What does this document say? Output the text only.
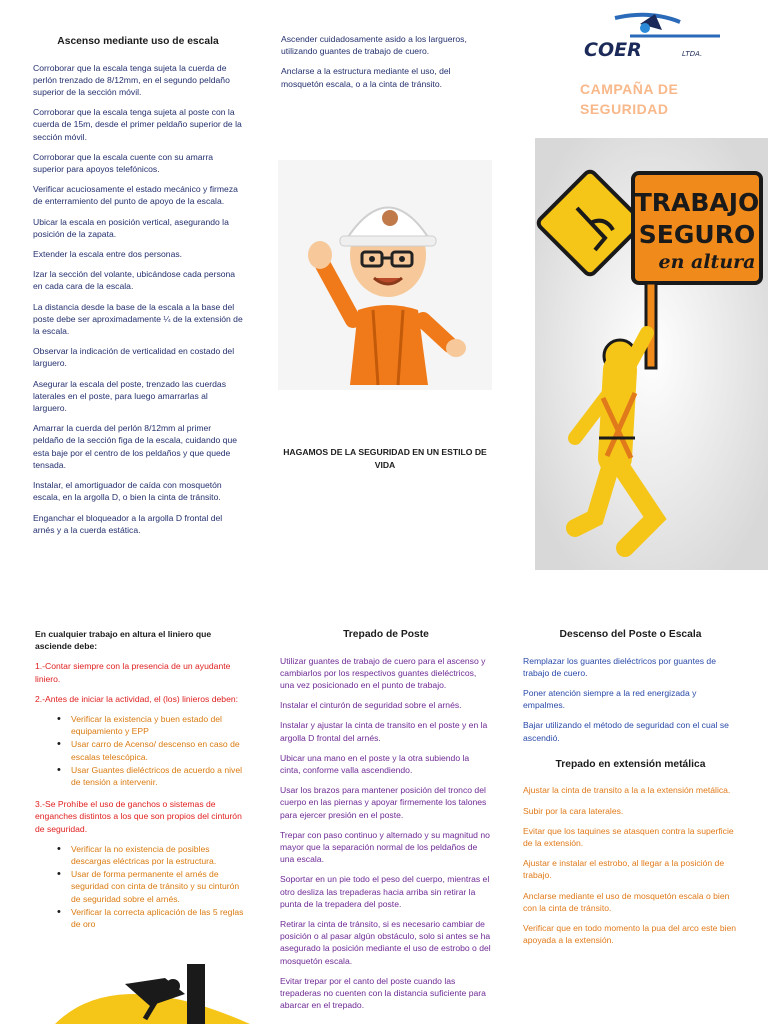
Ascenso mediante uso de escala

Corroborar que la escala tenga sujeta la cuerda de perlón trenzado de 8/12mm, en el segundo peldaño superior de la sección móvil.

Corroborar que la escala tenga sujeta al poste con la cuerda de 15m, desde el primer peldaño superior de la sección móvil.

Corroborar que la escala cuente con su amarra superior para apoyos telefónicos.

Verificar acuciosamente el estado mecánico y firmeza de enterramiento del punto de apoyo de la escala.

Ubicar la escala en posición vertical, asegurando la posición de la zapata.

Extender la escala entre dos personas.

Izar la sección del volante, ubicándose cada persona en cada cara de la escala.

La distancia desde la base de la escala a la base del poste debe ser aproximadamente ¼ de la extensión de la escala.

Observar la indicación de verticalidad en costado del larguero.

Asegurar la escala del poste, trenzado las cuerdas laterales en el poste, para luego amarrarlas al larguero.

Amarrar la cuerda del perlón 8/12mm al primer peldaño de la sección figa de la escala, cuidando que esta baje por el centro de los peldaños y que quede tensada.

Instalar, el amortiguador de caída con mosquetón escala, en la argolla D, o bien la cinta de tránsito.

Enganchar el bloqueador a la argolla D frontal del arnés y a la cuerda estática.

Ascender cuidadosamente asido a los largueros, utilizando guantes de trabajo de cuero.

Anclarse a la estructura mediante el uso, del mosquetón escala, o a la cinta de tránsito.

HAGAMOS DE LA SEGURIDAD EN UN ESTILO DE VIDA
COER	LTDA.
CAMPAÑA DE SEGURIDAD
TRABAJO
SEGURO
en altura

En cualquier trabajo en altura el liniero que asciende debe:

1.-Contar siempre con la presencia de un ayudante liniero.

2.-Antes de iniciar la actividad, el (los) linieros deben:

• Verificar la existencia y buen estado del equipamiento y EPP
• Usar carro de Acenso/ descenso en caso de escalas telescópica.
• Usar Guantes dieléctricos de acuerdo a nivel de tensión a intervenir.

3.-Se Prohíbe el uso de ganchos o sistemas de enganches distintos a los que son propios del cinturón de seguridad.

• Verificar la no existencia de posibles descargas eléctricas por la estructura.
• Usar de forma permanente el arnés de seguridad con cinta de tránsito y su cinturón de seguridad sobre el arnés.
• Verificar la correcta aplicación de las 5 reglas de oro
Trepado de Poste

Utilizar guantes de trabajo de cuero para el ascenso y cambiarlos por los respectivos guantes dieléctricos, una vez posicionado en el punto de trabajo.

Instalar el cinturón de seguridad sobre el arnés.

Instalar y ajustar la cinta de transito en el poste y en la argolla D frontal del arnés.

Ubicar una mano en el poste y la otra subiendo la cinta, conforme valla ascendiendo.

Usar los brazos para mantener posición del tronco del cuerpo en las piernas y apoyar firmemente los talones para ejercer presión en el poste.

Trepar con paso continuo y alternado y su magnitud no mayor que la separación normal de los peldaños de una escala.

Soportar en un pie todo el peso del cuerpo, mientras el otro desliza las trepaderas hacia arriba sin retirar la punta de la trepadera del poste.

Retirar la cinta de tránsito, si es necesario cambiar de posición o al pasar algún obstáculo, solo si antes se ha asegurado la posición mediante el uso de estrobo o del mosquetón escala.

Evitar trepar por el canto del poste cuando las trepaderas no cuenten con la distancia suficiente para abarcar en el trepado.

Descenso del Poste o Escala

Remplazar los guantes dieléctricos por guantes de trabajo de cuero.

Poner atención siempre a la red energizada y empalmes.

Bajar utilizando el método de seguridad con el cual se ascendió.

Trepado en extensión metálica

Ajustar la cinta de transito a la a la extensión metálica.

Subir por la cara laterales.

Evitar que los taquines se atasquen contra la superficie de la extensión.

Ajustar e instalar el estrobo, al llegar a la posición de trabajo.

Anclarse mediante el uso de mosquetón escala o bien con la cinta de tránsito.

Verificar que en todo momento la pua del arco este bien apoyada a la extensión.
